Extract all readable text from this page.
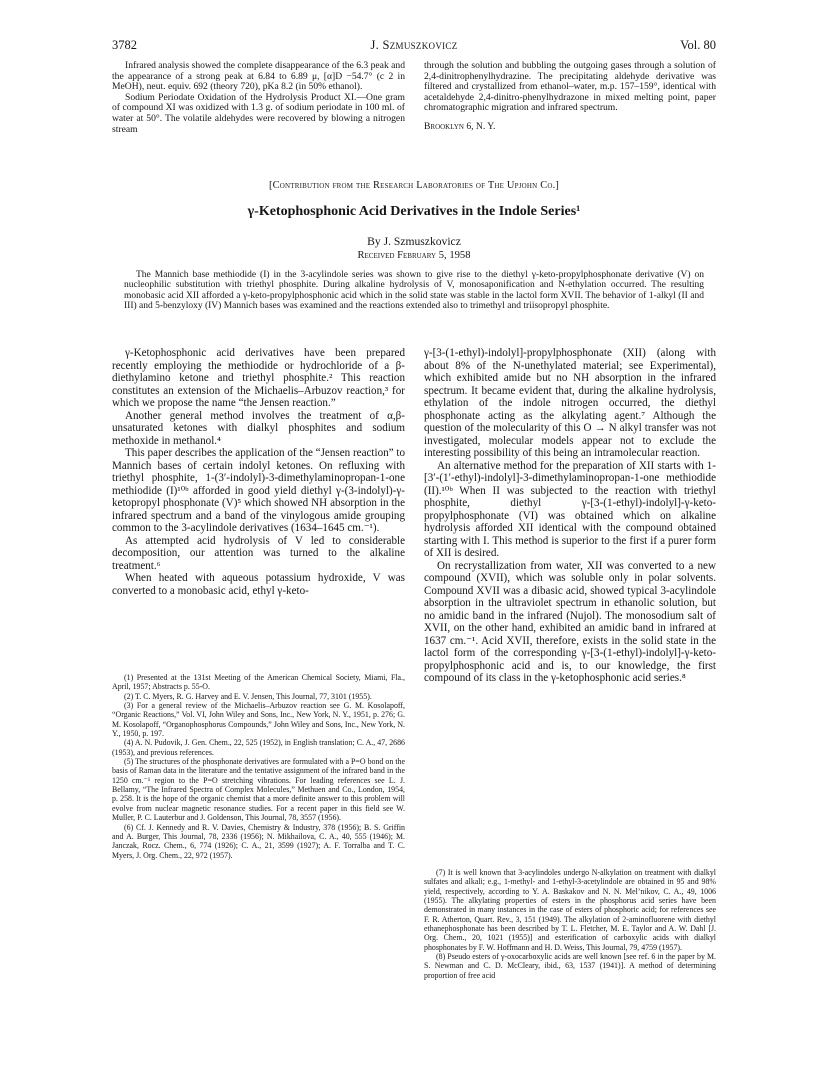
3782	J. Szmuszkovicz	Vol. 80

Infrared analysis showed the complete disappearance of the 6.3 peak and the appearance of a strong peak at 6.84 to 6.89 μ, [α]D −54.7° (c 2 in MeOH), neut. equiv. 692 (theory 720), pKa 8.2 (in 50% ethanol).

Sodium Periodate Oxidation of the Hydrolysis Product XI.—One gram of compound XI was oxidized with 1.3 g. of sodium periodate in 100 ml. of water at 50°. The volatile aldehydes were recovered by blowing a nitrogen stream

through the solution and bubbling the outgoing gases through a solution of 2,4-dinitrophenylhydrazine. The precipitating aldehyde derivative was filtered and crystallized from ethanol–water, m.p. 157–159°, identical with acetaldehyde 2,4-dinitro-phenylhydrazone in mixed melting point, paper chromatographic migration and infrared spectrum.

Brooklyn 6, N. Y.

[Contribution from the Research Laboratories of The Upjohn Co.]
γ-Ketophosphonic Acid Derivatives in the Indole Series¹
By J. Szmuszkovicz
Received February 5, 1958

The Mannich base methiodide (I) in the 3-acylindole series was shown to give rise to the diethyl γ-keto-propylphosphonate derivative (V) on nucleophilic substitution with triethyl phosphite. During alkaline hydrolysis of V, monosaponification and N-ethylation occurred. The resulting monobasic acid XII afforded a γ-keto-propylphosphonic acid which in the solid state was stable in the lactol form XVII. The behavior of 1-alkyl (II and III) and 5-benzyloxy (IV) Mannich bases was examined and the reactions extended also to trimethyl and triisopropyl phosphite.

γ-Ketophosphonic acid derivatives have been prepared recently employing the methiodide or hydrochloride of a β-diethylamino ketone and triethyl phosphite.² This reaction constitutes an extension of the Michaelis–Arbuzov reaction,³ for which we propose the name “the Jensen reaction.”

Another general method involves the treatment of α,β-unsaturated ketones with dialkyl phosphites and sodium methoxide in methanol.⁴

This paper describes the application of the “Jensen reaction” to Mannich bases of certain indolyl ketones. On refluxing with triethyl phosphite, 1-(3′-indolyl)-3-dimethylaminopropan-1-one methiodide (I)¹⁰ᵇ afforded in good yield diethyl γ-(3-indolyl)-γ-ketopropyl phosphonate (V)⁵ which showed NH absorption in the infrared spectrum and a band of the vinylogous amide grouping common to the 3-acylindole derivatives (1634–1645 cm.⁻¹).

As attempted acid hydrolysis of V led to considerable decomposition, our attention was turned to the alkaline treatment.⁶

When heated with aqueous potassium hydroxide, V was converted to a monobasic acid, ethyl γ-keto-

γ-[3-(1-ethyl)-indolyl]-propylphosphonate (XII) (along with about 8% of the N-unethylated material; see Experimental), which exhibited amide but no NH absorption in the infrared spectrum. It became evident that, during the alkaline hydrolysis, ethylation of the indole nitrogen occurred, the diethyl phosphonate acting as the alkylating agent.⁷ Although the question of the molecularity of this O → N alkyl transfer was not investigated, molecular models appear not to exclude the interesting possibility of this being an intramolecular reaction.

An alternative method for the preparation of XII starts with 1-[3′-(1′-ethyl)-indolyl]-3-dimethylaminopropan-1-one methiodide (II).¹⁰ᵇ When II was subjected to the reaction with triethyl phosphite, diethyl γ-[3-(1-ethyl)-indolyl]-γ-keto-propylphosphonate (VI) was obtained which on alkaline hydrolysis afforded XII identical with the compound obtained starting with I. This method is superior to the first if a purer form of XII is desired.

On recrystallization from water, XII was converted to a new compound (XVII), which was soluble only in polar solvents. Compound XVII was a dibasic acid, showed typical 3-acylindole absorption in the ultraviolet spectrum in ethanolic solution, but no amidic band in the infrared (Nujol). The monosodium salt of XVII, on the other hand, exhibited an amidic band in infrared at 1637 cm.⁻¹. Acid XVII, therefore, exists in the solid state in the lactol form of the corresponding γ-[3-(1-ethyl)-indolyl]-γ-keto-propylphosphonic acid and is, to our knowledge, the first compound of its class in the γ-ketophosphonic acid series.⁸

(1) Presented at the 131st Meeting of the American Chemical Society, Miami, Fla., April, 1957; Abstracts p. 55-O.

(2) T. C. Myers, R. G. Harvey and E. V. Jensen, This Journal, 77, 3101 (1955).

(3) For a general review of the Michaelis–Arbuzov reaction see G. M. Kosolapoff, “Organic Reactions,” Vol. VI, John Wiley and Sons, Inc., New York, N. Y., 1951, p. 276; G. M. Kosolapoff, “Organophosphorus Compounds,” John Wiley and Sons, Inc., New York, N. Y., 1950, p. 197.

(4) A. N. Pudovik, J. Gen. Chem., 22, 525 (1952), in English translation; C. A., 47, 2686 (1953), and previous references.

(5) The structures of the phosphonate derivatives are formulated with a P=O bond on the basis of Raman data in the literature and the tentative assignment of the infrared band in the 1250 cm.⁻¹ region to the P=O stretching vibrations. For leading references see L. J. Bellamy, “The Infrared Spectra of Complex Molecules,” Methuen and Co., London, 1954, p. 258. It is the hope of the organic chemist that a more definite answer to this problem will evolve from nuclear magnetic resonance studies. For a recent paper in this field see W. Muller, P. C. Lauterbur and J. Goldenson, This Journal, 78, 3557 (1956).

(6) Cf. J. Kennedy and R. V. Davies, Chemistry & Industry, 378 (1956); B. S. Griffin and A. Burger, This Journal, 78, 2336 (1956); N. Mikhailova, C. A., 40, 555 (1946); M. Janczak, Rocz. Chem., 6, 774 (1926); C. A., 21, 3599 (1927); A. F. Torralba and T. C. Myers, J. Org. Chem., 22, 972 (1957).

(7) It is well known that 3-acylindoles undergo N-alkylation on treatment with dialkyl sulfates and alkali; e.g., 1-methyl- and 1-ethyl-3-acetylindole are obtained in 95 and 98% yield, respectively, according to Y. A. Baskakov and N. N. Mel’nikov, C. A., 49, 1006 (1955). The alkylating properties of esters in the phosphorus acid series have been demonstrated in many instances in the case of esters of phosphoric acid; for references see F. R. Atherton, Quart. Rev., 3, 151 (1949). The alkylation of 2-aminofluorene with diethyl ethanephosphonate has been described by T. L. Fletcher, M. E. Taylor and A. W. Dahl [J. Org. Chem., 20, 1021 (1955)] and esterification of carboxylic acids with dialkyl phosphonates by F. W. Hoffmann and H. D. Weiss, This Journal, 79, 4759 (1957).

(8) Pseudo esters of γ-oxocarboxylic acids are well known [see ref. 6 in the paper by M. S. Newman and C. D. McCleary, ibid., 63, 1537 (1941)]. A method of determining proportion of free acid
